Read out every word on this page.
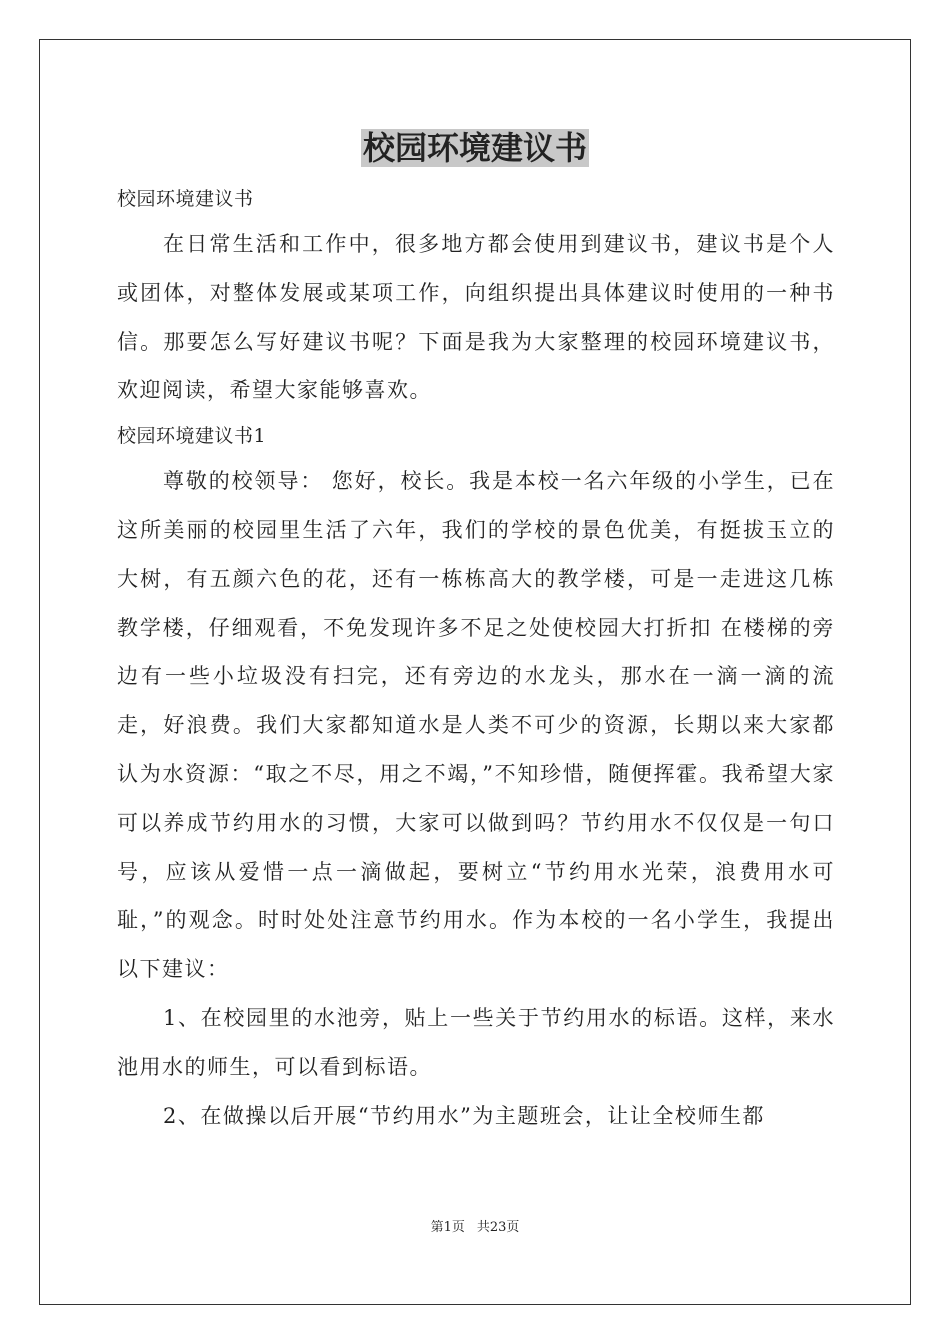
校园环境建议书

校园环境建议书

在日常生活和工作中，很多地方都会使用到建议书，建议书是个人或团体，对整体发展或某项工作，向组织提出具体建议时使用的一种书信。那要怎么写好建议书呢？下面是我为大家整理的校园环境建议书，欢迎阅读，希望大家能够喜欢。

校园环境建议书1

尊敬的校领导： 您好，校长。我是本校一名六年级的小学生，已在这所美丽的校园里生活了六年，我们的学校的景色优美，有挺拔玉立的大树，有五颜六色的花，还有一栋栋高大的教学楼，可是一走进这几栋教学楼，仔细观看，不免发现许多不足之处使校园大打折扣 在楼梯的旁边有一些小垃圾没有扫完，还有旁边的水龙头，那水在一滴一滴的流走，好浪费。我们大家都知道水是人类不可少的资源，长期以来大家都认为水资源：“取之不尽，用之不竭，”不知珍惜，随便挥霍。我希望大家可以养成节约用水的习惯，大家可以做到吗？节约用水不仅仅是一句口号，应该从爱惜一点一滴做起，要树立“节约用水光荣，浪费用水可耻，”的观念。时时处处注意节约用水。作为本校的一名小学生，我提出以下建议：

1、在校园里的水池旁，贴上一些关于节约用水的标语。这样，来水池用水的师生，可以看到标语。

2、在做操以后开展“节约用水”为主题班会，让让全校师生都

第1页 共23页
